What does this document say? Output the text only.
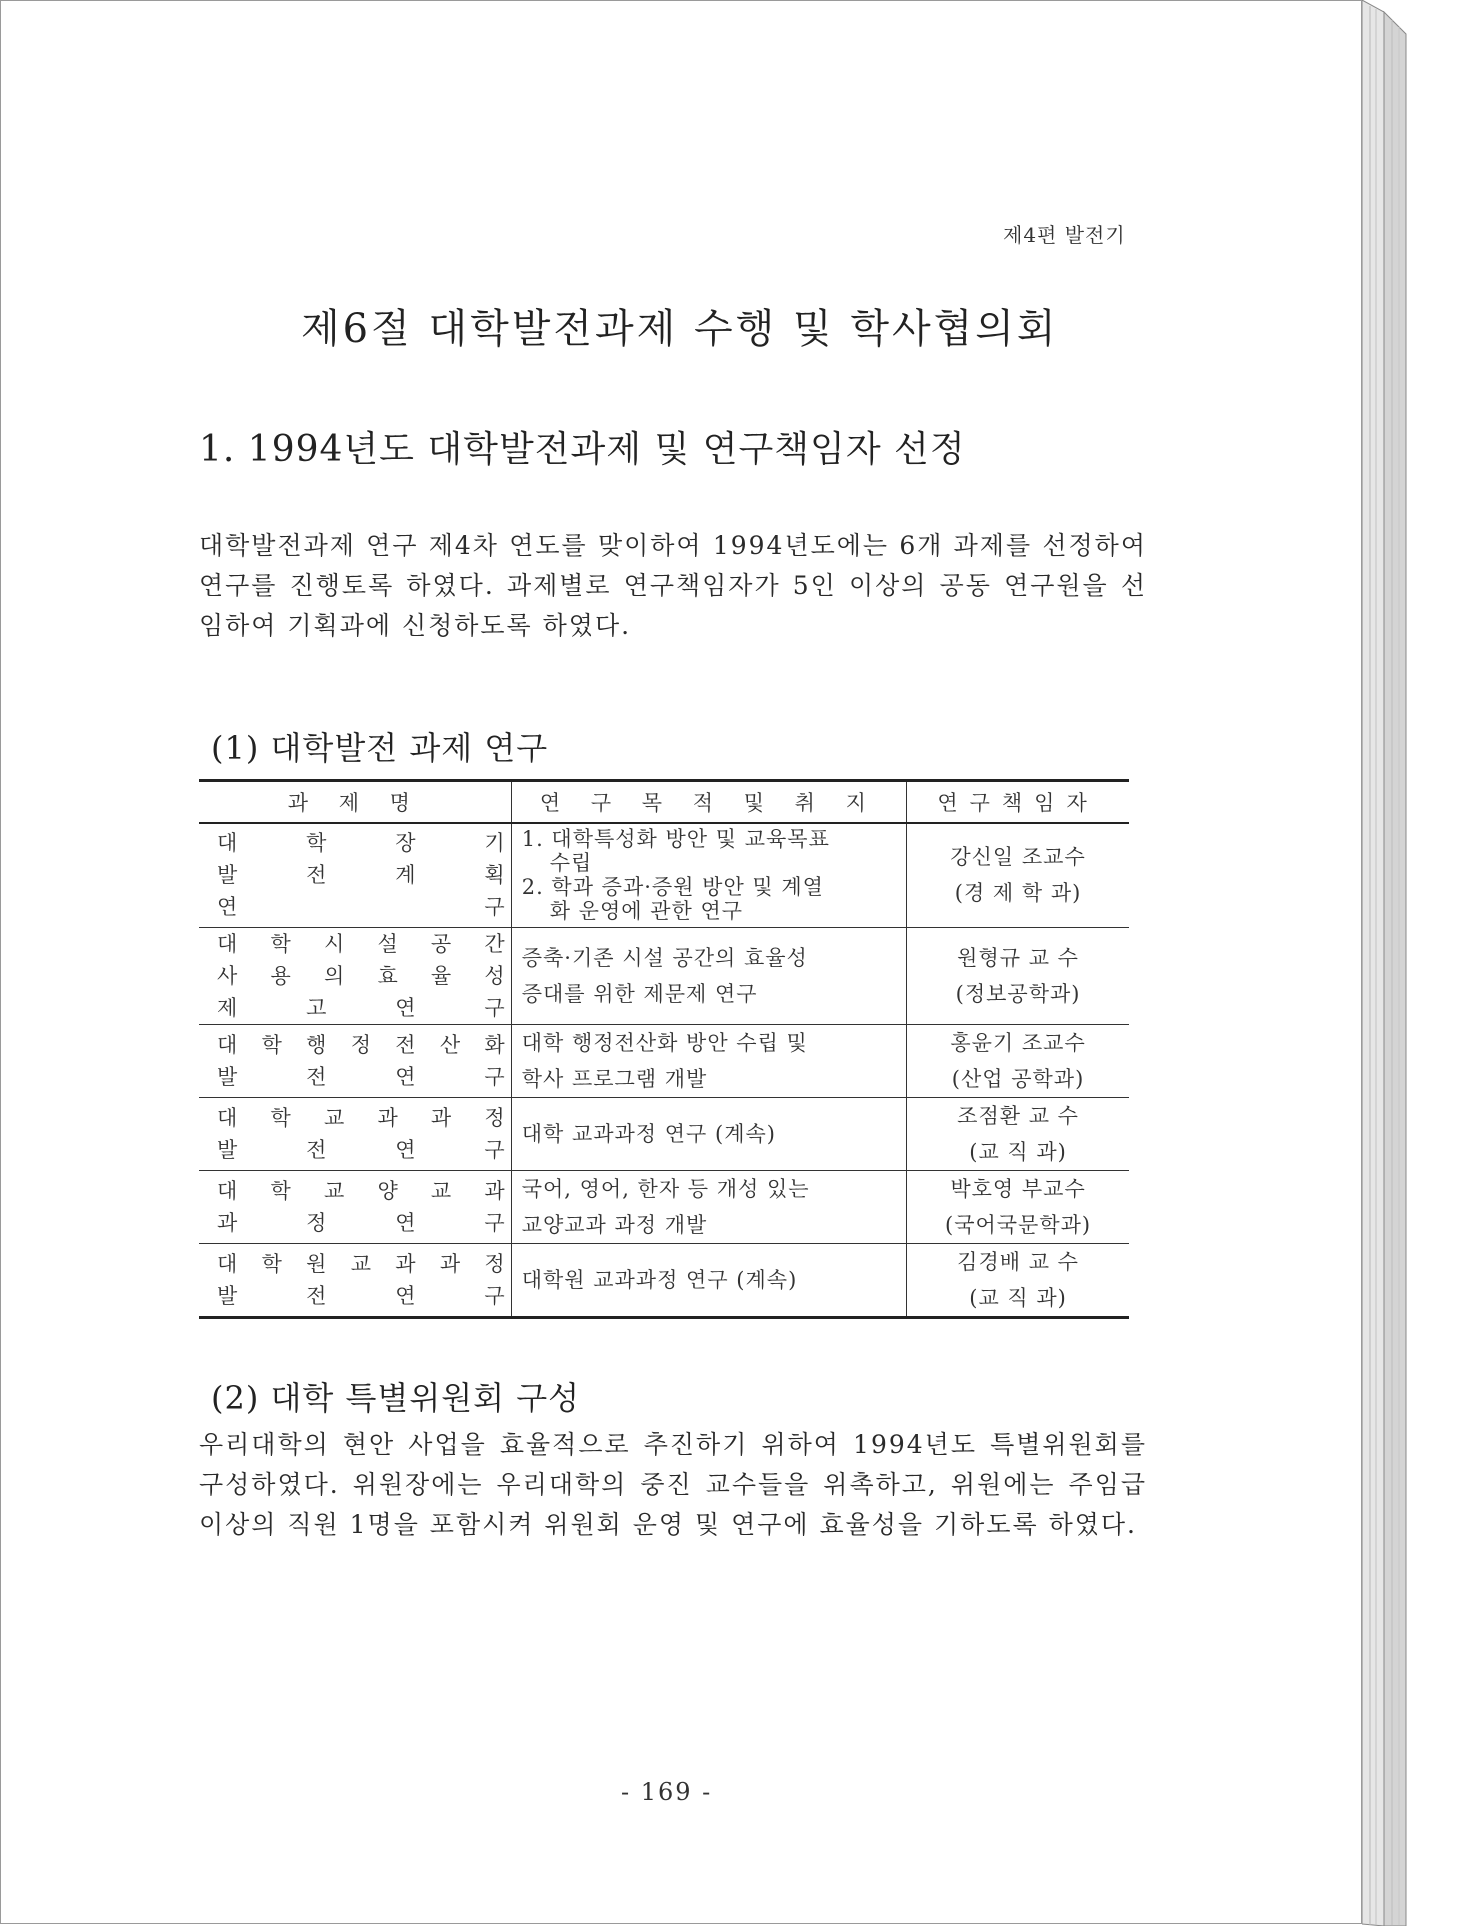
제4편 발전기
제6절 대학발전과제 수행 및 학사협의회
1. 1994년도 대학발전과제 및 연구책임자 선정

대학발전과제 연구 제4차 연도를 맞이하여 1994년도에는 6개 과제를 선정하여 연구를 진행토록 하였다. 과제별로 연구책임자가 5인 이상의 공동 연구원을 선임하여 기획과에 신청하도록 하였다.

(1) 대학발전 과제 연구
과 제 명	연 구 목 적 및 취 지	연구책임자

대 학 장 기
발 전 계 획
연 구	1. 대학특성화 방안 및 교육목표
수립
2. 학과 증과·증원 방안 및 계열
화 운영에 관한 연구	강신일 조교수
(경 제 학 과)

대 학 시 설 공 간
사 용 의 효 율 성
제 고 연 구	증축·기존 시설 공간의 효율성
증대를 위한 제문제 연구	원형규 교 수
(정보공학과)

대 학 행 정 전 산 화
발 전 연 구	대학 행정전산화 방안 수립 및
학사 프로그램 개발	홍윤기 조교수
(산업 공학과)

대 학 교 과 과 정
발 전 연 구	대학 교과과정 연구 (계속)	조점환 교 수
(교 직 과)

대 학 교 양 교 과
과 정 연 구	국어, 영어, 한자 등 개성 있는
교양교과 과정 개발	박호영 부교수
(국어국문학과)

대 학 원 교 과 과 정
발 전 연 구	대학원 교과과정 연구 (계속)	김경배 교 수
(교 직 과)
(2) 대학 특별위원회 구성

우리대학의 현안 사업을 효율적으로 추진하기 위하여 1994년도 특별위원회를 구성하였다. 위원장에는 우리대학의 중진 교수들을 위촉하고, 위원에는 주임급 이상의 직원 1명을 포함시켜 위원회 운영 및 연구에 효율성을 기하도록 하였다.

- 169 -
